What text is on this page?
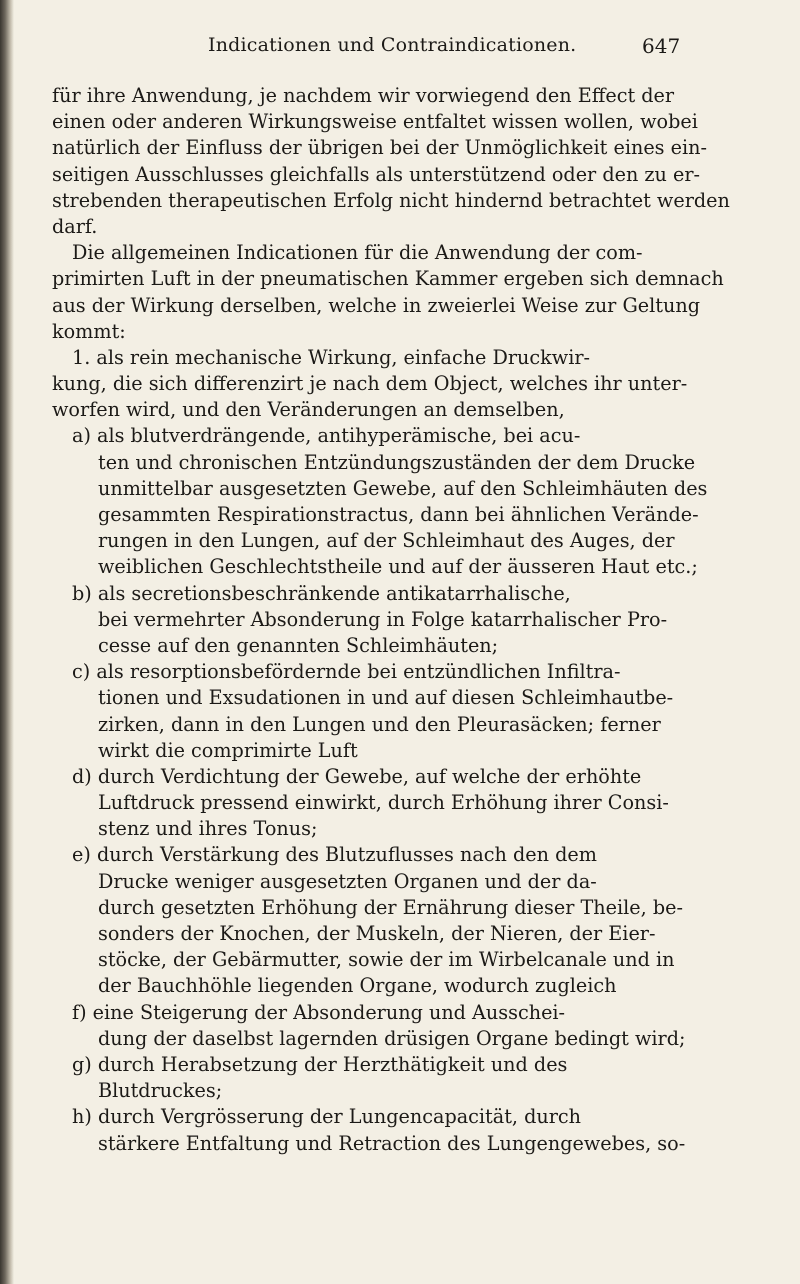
Indicationen und Contraindicationen.	647
für ihre Anwendung, je nachdem wir vorwiegend den Effect der
einen oder anderen Wirkungsweise entfaltet wissen wollen, wobei
natürlich der Einfluss der übrigen bei der Unmöglichkeit eines ein-
seitigen Ausschlusses gleichfalls als unterstützend oder den zu er-
strebenden therapeutischen Erfolg nicht hindernd betrachtet werden
darf.
Die allgemeinen Indicationen für die Anwendung der com-
primirten Luft in der pneumatischen Kammer ergeben sich demnach
aus der Wirkung derselben, welche in zweierlei Weise zur Geltung
kommt:
1. als rein mechanische Wirkung, einfache Druckwir-
kung, die sich differenzirt je nach dem Object, welches ihr unter-
worfen wird, und den Veränderungen an demselben,
a) als blutverdrängende, antihyperämische, bei acu-
ten und chronischen Entzündungszuständen der dem Drucke
unmittelbar ausgesetzten Gewebe, auf den Schleimhäuten des
gesammten Respirationstractus, dann bei ähnlichen Verände-
rungen in den Lungen, auf der Schleimhaut des Auges, der
weiblichen Geschlechtstheile und auf der äusseren Haut etc.;
b) als secretionsbeschränkende antikatarrhalische,
bei vermehrter Absonderung in Folge katarrhalischer Pro-
cesse auf den genannten Schleimhäuten;
c) als resorptionsbefördernde bei entzündlichen Infiltra-
tionen und Exsudationen in und auf diesen Schleimhautbe-
zirken, dann in den Lungen und den Pleurasäcken; ferner
wirkt die comprimirte Luft
d) durch Verdichtung der Gewebe, auf welche der erhöhte
Luftdruck pressend einwirkt, durch Erhöhung ihrer Consi-
stenz und ihres Tonus;
e) durch Verstärkung des Blutzuflusses nach den dem
Drucke weniger ausgesetzten Organen und der da-
durch gesetzten Erhöhung der Ernährung dieser Theile, be-
sonders der Knochen, der Muskeln, der Nieren, der Eier-
stöcke, der Gebärmutter, sowie der im Wirbelcanale und in
der Bauchhöhle liegenden Organe, wodurch zugleich
f) eine Steigerung der Absonderung und Ausschei-
dung der daselbst lagernden drüsigen Organe bedingt wird;
g) durch Herabsetzung der Herzthätigkeit und des
Blutdruckes;
h) durch Vergrösserung der Lungencapacität, durch
stärkere Entfaltung und Retraction des Lungengewebes, so-
